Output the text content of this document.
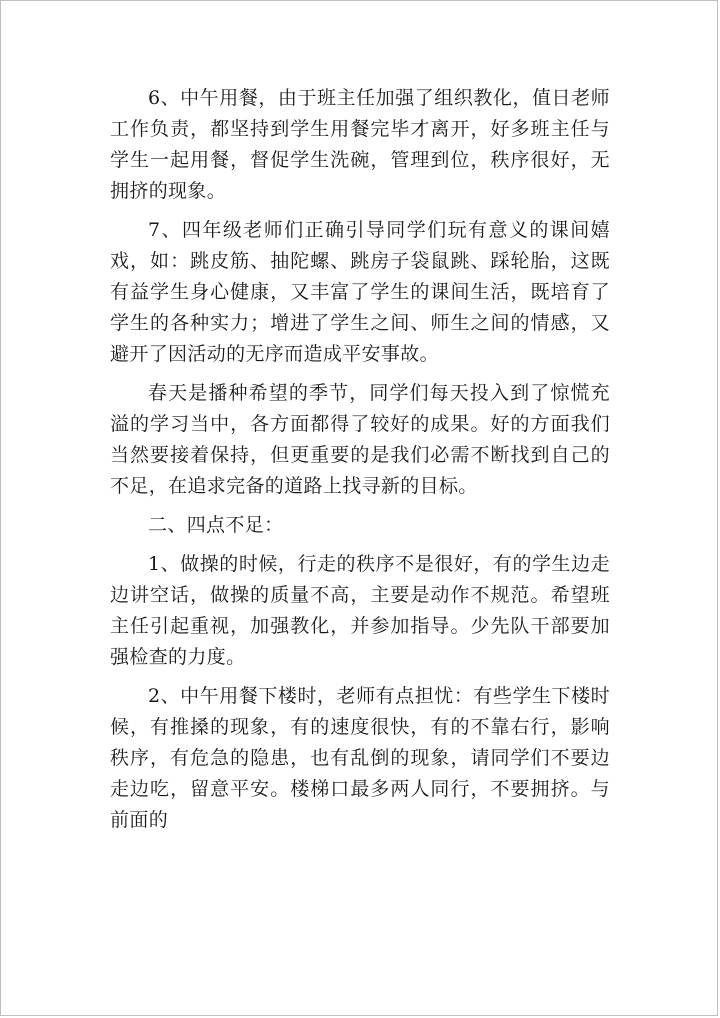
6、中午用餐，由于班主任加强了组织教化，值日老师工作负责，都坚持到学生用餐完毕才离开，好多班主任与学生一起用餐，督促学生洗碗，管理到位，秩序很好，无拥挤的现象。

7、四年级老师们正确引导同学们玩有意义的课间嬉戏，如：跳皮筋、抽陀螺、跳房子袋鼠跳、踩轮胎，这既有益学生身心健康，又丰富了学生的课间生活，既培育了学生的各种实力；增进了学生之间、师生之间的情感，又避开了因活动的无序而造成平安事故。

春天是播种希望的季节，同学们每天投入到了惊慌充溢的学习当中，各方面都得了较好的成果。好的方面我们当然要接着保持，但更重要的是我们必需不断找到自己的不足，在追求完备的道路上找寻新的目标。

二、四点不足：

1、做操的时候，行走的秩序不是很好，有的学生边走边讲空话，做操的质量不高，主要是动作不规范。希望班主任引起重视，加强教化，并参加指导。少先队干部要加强检查的力度。

2、中午用餐下楼时，老师有点担忧：有些学生下楼时候，有推搡的现象，有的速度很快，有的不靠右行，影响秩序，有危急的隐患，也有乱倒的现象，请同学们不要边走边吃，留意平安。楼梯口最多两人同行，不要拥挤。与前面的
